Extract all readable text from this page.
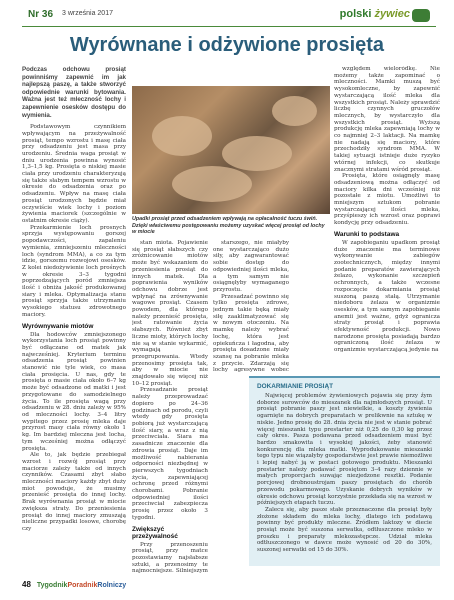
Nr 36 3 września 2017	polski żywiec
Wyrównane i odżywione prosięta

Podczas odchowu prosiąt powinniśmy zapewnić im jak najlepszą paszę, a także stworzyć odpowiednie warunki bytowania. Ważna jest też mleczność lochy i zapewnienie osesków dostępu do wymienia.

Podstawowym czynnikiem wpływającym na przeżywalność prosiąt, tempo wzrostu i masę ciała przy odsadzeniu jest masa przy urodzeniu. Średnia waga prosiąt w dniu urodzenia powinna wynosić 1,3–1,5 kg. Prosięta o niskiej masie ciała przy urodzeniu charakteryzują się także słabym tempem wzrostu w okresie do odsadzenia oraz po odsadzeniu. Wpływ na masę ciała prosiąt urodzonych będzie miał oczywiście wiek lochy i poziom żywienia maciorek (szczególnie w ostatnim okresie ciąży).

Przekarmienie loch prosnych sprzyja występowaniu gorszej popodawczości, zapaleniu wymienia, zmniejszeniu mleczności loch (syndrom MMA), a co za tym idzie, gorszemu rozwojowi osesków. Z kolei niedożywienie loch prośnych w okresie 3–3 tygodni poprzedzających poród zmniejsza ilość i obniża jakość produkowanej siary i mleka. Optymalizacja stanu prosiąt sprzyja także utrzymaniu wysokiego statusu zdrowotnego maciory.

Wyrównywanie miotów

Dla hodowców zmniejszonego wykorzystania loch prosiąt powinny być odłączane od matek jak najwcześniej. Kryterium terminu odsadzenia prosiąt powinien stanowić nie tyle wiek, co masa ciała prosięcia. U nas, gdy te prosięta o masie ciała około 6–7 kg może być odsadzone od matki i jest przygotowane do samodzielnego życia. To ile prosięta wagą przy odsadzeniu w 28. dniu zależy w 95% od mleczności lochy. 3–4 litry wypitego przez prosię mleka daje przyrost masy ciała równy około 1 kg. Im bardziej mleczna jest locha, tym wcześniej można odłączyć prosięta.

Ale to, jak będzie przebiegał wzrost i rozwój prosiąt przy maciorze zależy także od innych czynników. Czasami zbyt słabo mleczności maciory każdy zbyt duży miot powoduje, że musimy przenieść prosięta do innej lochy. Brak wyrównania prosiąt w miocie zwiększa straty. Do przeniesienia prosiąt do innej maciory zmuszają nieliczne przypadki losowe, chorobę czy

Upadki prosiąt przed odsadzeniem wpływają na opłacalność tuczu świń. Dzięki właściwemu postępowaniu możemy uzyskać więcej prosiąt od lochy w miocie

stan miota. Pojawienie się prosiąt słabszych czy zróżnicowanie miotów może być wskazaniem do przeniesienia prosiąt do innych matek. Dla poprawienia wyników odchowu dobrze jest wpłynąć na zrównywanie wagowe prosiąt. Czasem powodem, dla którego należy przenieść prosięta, jest ratowanie życia słabszych. Również zbyt liczne mioty, których lochy nie są w stanie wykarmić, wymagają przegrupowania. Wtedy przenosimy prosięta tak, aby w miocie nie znajdowało się więcej niż 10–12 prosiąt.

Przesadzanie prosiąt należy przeprowadzać dopiero po 24–36 godzinach od porodu, czyli wtedy gdy prosięta pobiorą już wystarczającą ilość siary, a wraz z nią przeciwciała. Siara ma zasadnicze znaczenie dla zdrowia prosiąt. Daje im możliwość nabierania odporności niezbędnej w pierwszych tygodniach życia, zapewniającej ochronę przed różnymi chorobami. Pobranie odpowiedniej ilości przeciwciał zabezpiecza prosię przez około 3 tygodni.

Zwiększyć przeżywalność

Przy przenoszeniu prosiąt, przy matce pozostawiamy najsłabsze sztuki, a przenosimy te najmocniejsze. Silniejszym

starszego, nie miałyby one wystarczająco dużo siły, aby zagwarantować sobie dostęp do odpowiedniej ilości mleka, a tym samym nie osiągnęłyby wymaganego przyrostu.

Przesadzać powinno się tylko prosięta zdrowe, jednym takie bęką miały siłę zaaklimatyzować się w nowym otoczeniu. Na mamkę należy wybrać lochę, która jest opiekuńcza i łagodna, aby prosięta dosadzone miały szansę na pobranie mleka z przycie. Zdarzają się lochy agresywne wobec

względem wieloródkę. Nie możemy także zapominać o mleczności. Mamki muszą być wysokomleczne, by zapewnić wystarczającą ilość mleka dla wszystkich prosiąt. Należy sprawdzić liczbę czynnych gruczołów mlecznych, by wystarczyło dla wszystkich prosiąt. Wyższą produkcję mleka zapewniają lochy w co najmniej 2–3 laktacji. Na mamkę nie nadają się maciory, które przechodziły syndrom MMA. W takiej sytuacji istnieje duże ryzyko wtórnej infekcji, co skutkuje znacznymi stratami wśród prosiąt.

Prosięta, które osiągnęły masę odsadzeniową można odłączyć od maciory kilka dni wcześniej niż pozostałe z miotu. Umożliwi to mniejszym sztukom pobranie wystarczającej ilości mleka, przyśpieszy ich wzrost oraz poprawi kondycję przy odsadzeniu.

Warunki to podstawa

W zapobieganiu upadkom prosiąt duże znaczenie ma terminowe wykonywanie zabiegów zootechnicznych, między innymi podanie preparatów zawierających żelazo, wykonanie szczepień ochronnych, a także wczesne rozpoczęcie dokarmiania prosiąt suszoną paszą stałą. Utrzymanie niedoboru żelaza w organizmie osesków, a tym samym zapobieganie anemii jest ważne, gdyż ogranicza straty prosiąt i poprawia efektywność produkcji. Nowo narodzone prosięta posiadają bardzo ograniczoną ilość żelaza w organizmie wystarczającą jedynie na

DOKARMIANIE PROSIĄT

Najwięcej problemów żywieniowych pojawia się przy źym doborze surowców do mieszanek dla najmłodszych prosiąt. U prosiąt pobranie paszy jest niewielkie, a koszty żywienia ogarnięte na dobrych preparatach w prelikwnie na sztukę w niskie. Jedno prosię do 28. dnia życia nie jest w stanie pobrać więcej mieszanki typu prestarter niż 0,25 do 0,30 kg przez cały okres. Pasza podawana przed odsadzeniem musi być bardzo smakowita i wysokiej jakości, żeby stanowić konkurencję dla mleka matki. Wyprodukowanie mieszanki tego typu nie wiązałyby gospodarstwie jest prawie niemożliwe i lepiej nabyć ją w postaci gotowego produktu. Mieszanki prestarter należy podawać prosiętom 3–4 razy dziennie w małych proporcjach suwając niezjedzone resztki. Podanie porcjowej drobnoustrojam paszy prosiętach do chorób przewodu pokarmowego. Uzyskanie dobrych wyników w okresie odchowu prosiąt korzystnie przekłada się na wzrost w późniejszych etapach tuczu.

Zalecu się, aby pasze stałe przeznaczone dla prosiąt były złożone składem do mleka lochy, dlatego ich podstawą powinny być produkty mleczne. Źródłem laktozy w diecie prosiąt może być suszona serwatka, odtłuszczone mleko w proszku i preparaty mlekozastępcze. Udział mleka odtłuszczonego w dawce może wynosić od 20 do 30%, suszonej serwatki od 15 do 30%.

48 TygodnikPoradnikRolniczy
